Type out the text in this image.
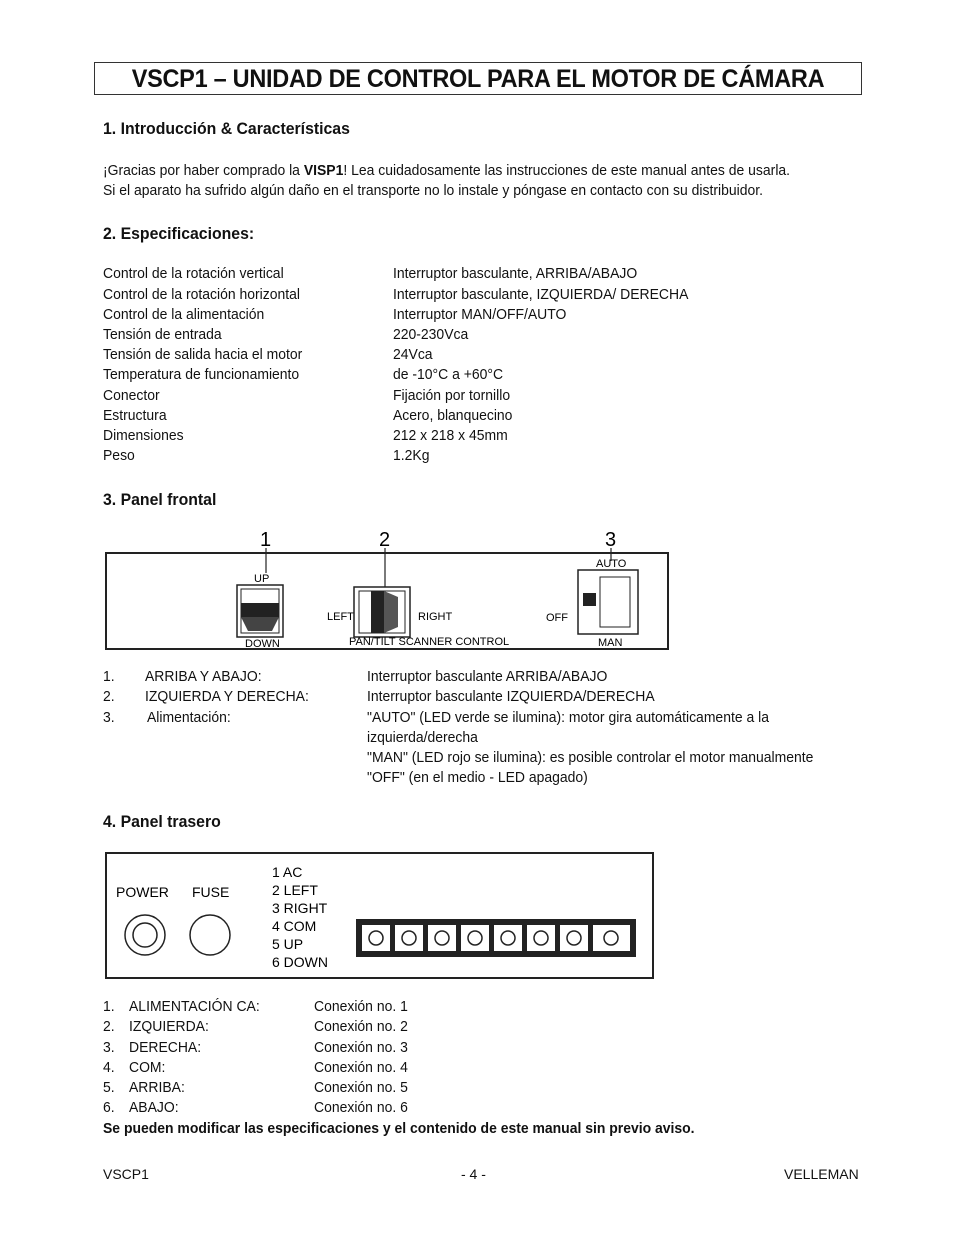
VSCP1 – UNIDAD DE CONTROL PARA EL MOTOR DE CÁMARA
1. Introducción & Características
¡Gracias por haber comprado la VISP1! Lea cuidadosamente las instrucciones de este manual antes de usarla.
Si el aparato ha sufrido algún daño en el transporte no lo instale y póngase en contacto con su distribuidor.
2. Especificaciones:
Control de la rotación vertical	Interruptor basculante, ARRIBA/ABAJO
Control de la rotación horizontal	Interruptor basculante, IZQUIERDA/ DERECHA
Control de la alimentación	Interruptor MAN/OFF/AUTO
Tensión de entrada	220-230Vca
Tensión de salida hacia el motor	24Vca
Temperatura de funcionamiento	de -10°C a +60°C
Conector	Fijación por tornillo
Estructura	Acero, blanquecino
Dimensiones	212 x 218 x 45mm
Peso	1.2Kg
3. Panel frontal
1	2	3
UP
DOWN
LEFT	RIGHT
PAN/TILT SCANNER CONTROL
AUTO
OFF
MAN
1. ARRIBA Y ABAJO:	Interruptor basculante ARRIBA/ABAJO
2. IZQUIERDA Y DERECHA:	Interruptor basculante IZQUIERDA/DERECHA
3. Alimentación:	"AUTO" (LED verde se ilumina): motor gira automáticamente a la
izquierda/derecha
"MAN" (LED rojo se ilumina): es posible controlar el motor manualmente
"OFF" (en el medio - LED apagado)
4. Panel trasero
POWER FUSE
1 AC
2 LEFT
3 RIGHT
4 COM
5 UP
6 DOWN
1. ALIMENTACIÓN CA:	Conexión no. 1
2. IZQUIERDA:	Conexión no. 2
3. DERECHA:	Conexión no. 3
4. COM:	Conexión no. 4
5. ARRIBA:	Conexión no. 5
6. ABAJO:	Conexión no. 6
Se pueden modificar las especificaciones y el contenido de este manual sin previo aviso.
VSCP1	- 4 -	VELLEMAN
